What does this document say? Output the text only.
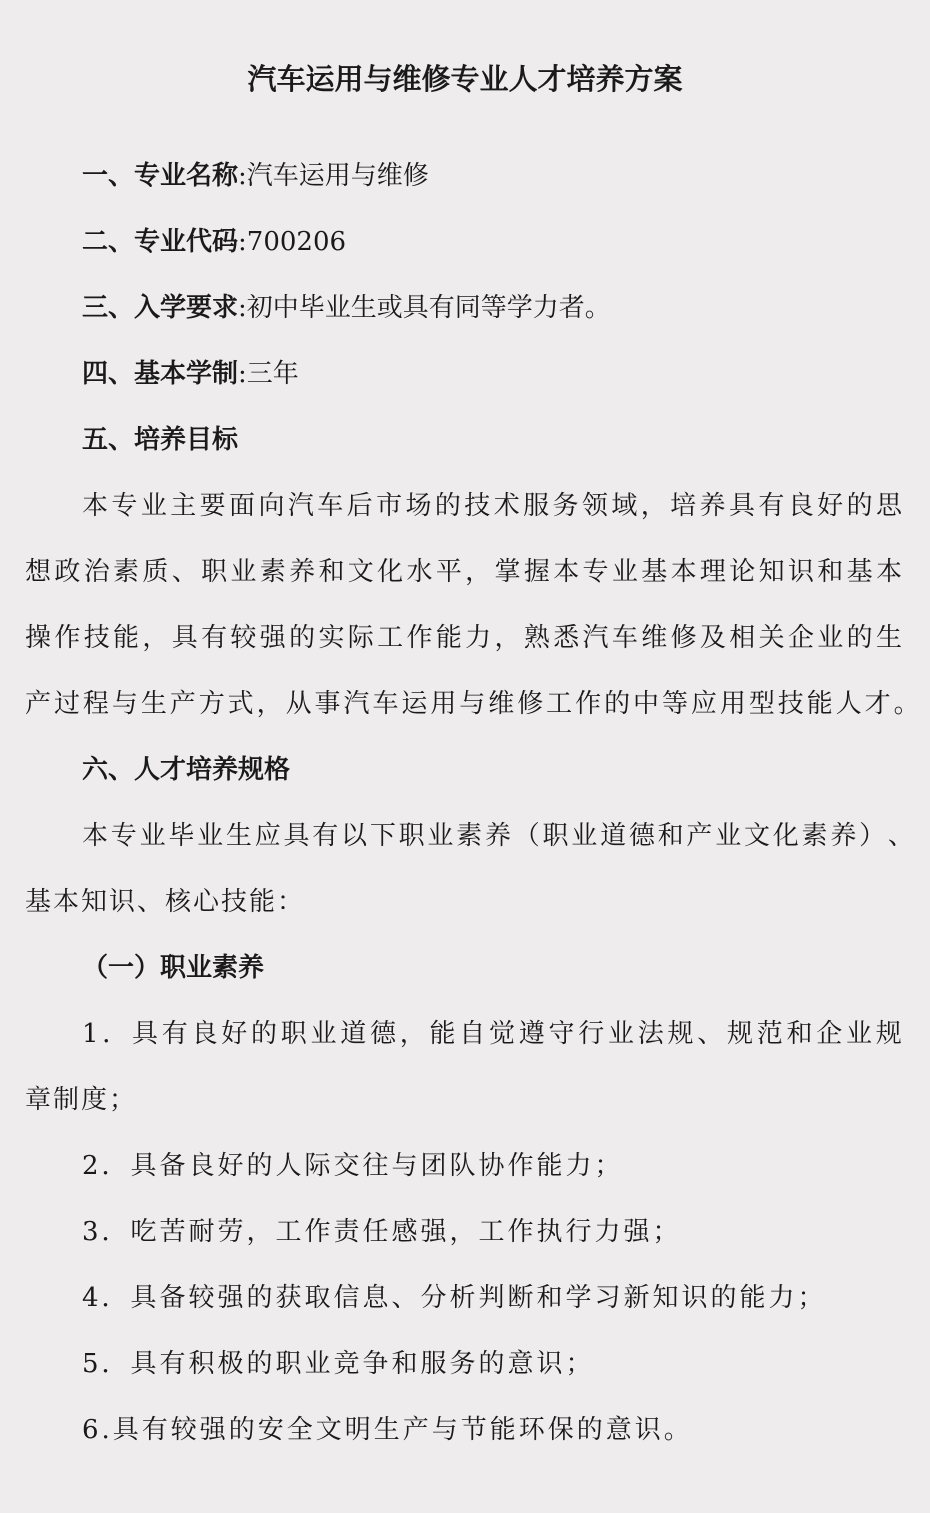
汽车运用与维修专业人才培养方案
一、专业名称:汽车运用与维修
二、专业代码:700206
三、入学要求:初中毕业生或具有同等学力者。
四、基本学制:三年
五、培养目标
本 专 业 主 要 面 向 汽 车 后 市 场 的 技 术 服 务 领 域 ， 培 养 具 有 良 好 的 思
想 政 治 素 质 、 职 业 素 养 和 文 化 水 平 ， 掌 握 本 专 业 基 本 理 论 知 识 和 基 本
操 作 技 能 ， 具 有 较 强 的 实 际 工 作 能 力 ， 熟 悉 汽 车 维 修 及 相 关 企 业 的 生
产 过 程 与 生 产 方 式 ， 从 事 汽 车 运 用 与 维 修 工 作 的 中 等 应 用 型 技 能 人 才 。
六、人才培养规格
本 专 业 毕 业 生 应 具 有 以 下 职 业 素 养 （ 职 业 道 德 和 产 业 文 化 素 养 ） 、
基本知识、核心技能：
（一）职业素养
1 ． 具 有 良 好 的 职 业 道 德 ， 能 自 觉 遵 守 行 业 法 规 、 规 范 和 企 业 规
章制度；
2．具备良好的人际交往与团队协作能力；
3．吃苦耐劳，工作责任感强，工作执行力强；
4．具备较强的获取信息、分析判断和学习新知识的能力；
5．具有积极的职业竞争和服务的意识；
6.具有较强的安全文明生产与节能环保的意识。
